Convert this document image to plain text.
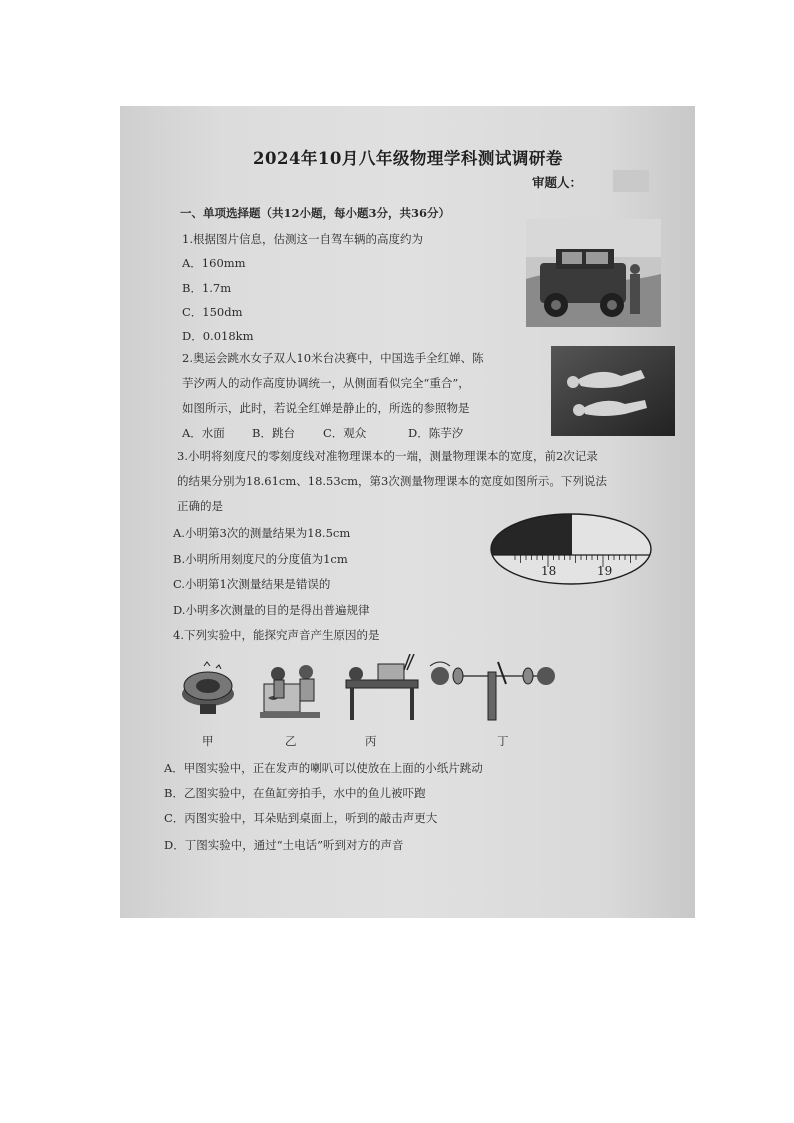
2024年10月八年级物理学科测试调研卷
审题人：
一、单项选择题（共12小题，每小题3分，共36分）
1.根据图片信息，估测这一自驾车辆的高度约为
A．160mm
B．1.7m
C．150dm
D．0.018km
2.奥运会跳水女子双人10米台决赛中，中国选手全红婵、陈
芋汐两人的动作高度协调统一，从侧面看似完全“重合”，
如图所示，此时，若说全红婵是静止的，所选的参照物是
A．水面 B．跳台 C．观众	D．陈芋汐
3.小明将刻度尺的零刻度线对准物理课本的一端，测量物理课本的宽度，前2次记录
的结果分别为18.61cm、18.53cm，第3次测量物理课本的宽度如图所示。下列说法
正确的是
A.小明第3次的测量结果为18.5cm
B.小明所用刻度尺的分度值为1cm
C.小明第1次测量结果是错误的
D.小明多次测量的目的是得出普遍规律
18	19
4.下列实验中，能探究声音产生原因的是
甲	乙	丙	丁
A．甲图实验中，正在发声的喇叭可以使放在上面的小纸片跳动
B．乙图实验中，在鱼缸旁拍手，水中的鱼儿被吓跑
C．丙图实验中，耳朵贴到桌面上，听到的敲击声更大
D．丁图实验中，通过“土电话”听到对方的声音
